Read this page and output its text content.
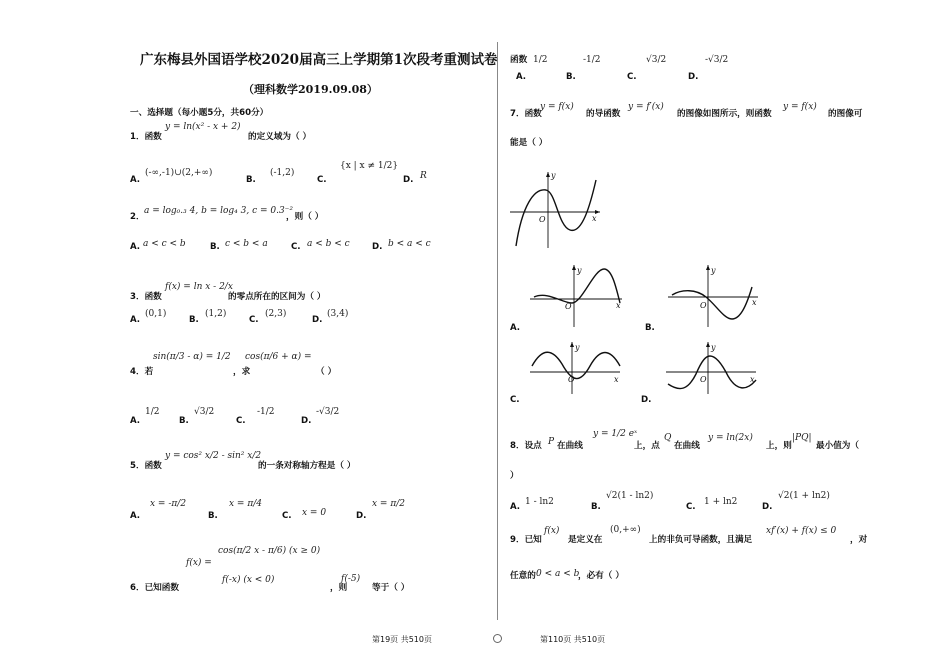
广东梅县外国语学校2020届高三上学期第1次段考重测试卷
（理科数学2019.09.08）
一、选择题（每小题5分，共60分）
1．函数
y = ln(x² - x + 2)
的定义域为（ ）
A.
(-∞,-1)∪(2,+∞)
B.
(-1,2)
C.
{x | x ≠ 1/2}
D. R
2．
a = log₀.₃ 4, b = log₄ 3, c = 0.3⁻²
，则（ ）
A. a < c < b	B. c < b < a	C. a < b < c	D. b < a < c
3．函数
f(x) = ln x - 2/x
的零点所在的区间为（ ）
A.
(0,1)
B.
(1,2)
C.
(2,3)
D.
(3,4)
4．若
sin(π/3 - α) = 1/2
，求
cos(π/6 + α) =
（ ）
A.
1/2
B.
√3/2
C.
-1/2
D.
-√3/2
5．函数
y = cos² x/2 - sin² x/2
的一条对称轴方程是（ ）
A.
x = -π/2
B.
x = π/4
C. x = 0	D.
x = π/2
f(x) =
cos(π/2 x - π/6) (x ≥ 0)
f(-x) (x < 0)
6．已知函数	，则
f(-5)
等于（ ）
函数
A.
1/2
B.
-1/2
C.
√3/2
D.
-√3/2
7．函数
y = f(x)
的导函数
y = f′(x)
的图像如图所示，则函数
y = f(x)
的图像可
能是（ ）
y
O	x
y
O	x
A.
y
O	x
B.
y
O	x
C.
y
O	x
D.
8．设点 P 在曲线
y = 1/2 eˣ
上，点
Q
在曲线
y = ln(2x)
上，则
|PQ|
最小值为（
）
A. 1 - ln2	B.
√2(1 - ln2)
C. 1 + ln2	D.
√2(1 + ln2)
9．已知
f(x)
是定义在
(0,+∞)
上的非负可导函数，且满足
xf′(x) + f(x) ≤ 0
，对
任意的 0 < a < b
，必有（ ）
第19页 共510页	第110页 共510页
